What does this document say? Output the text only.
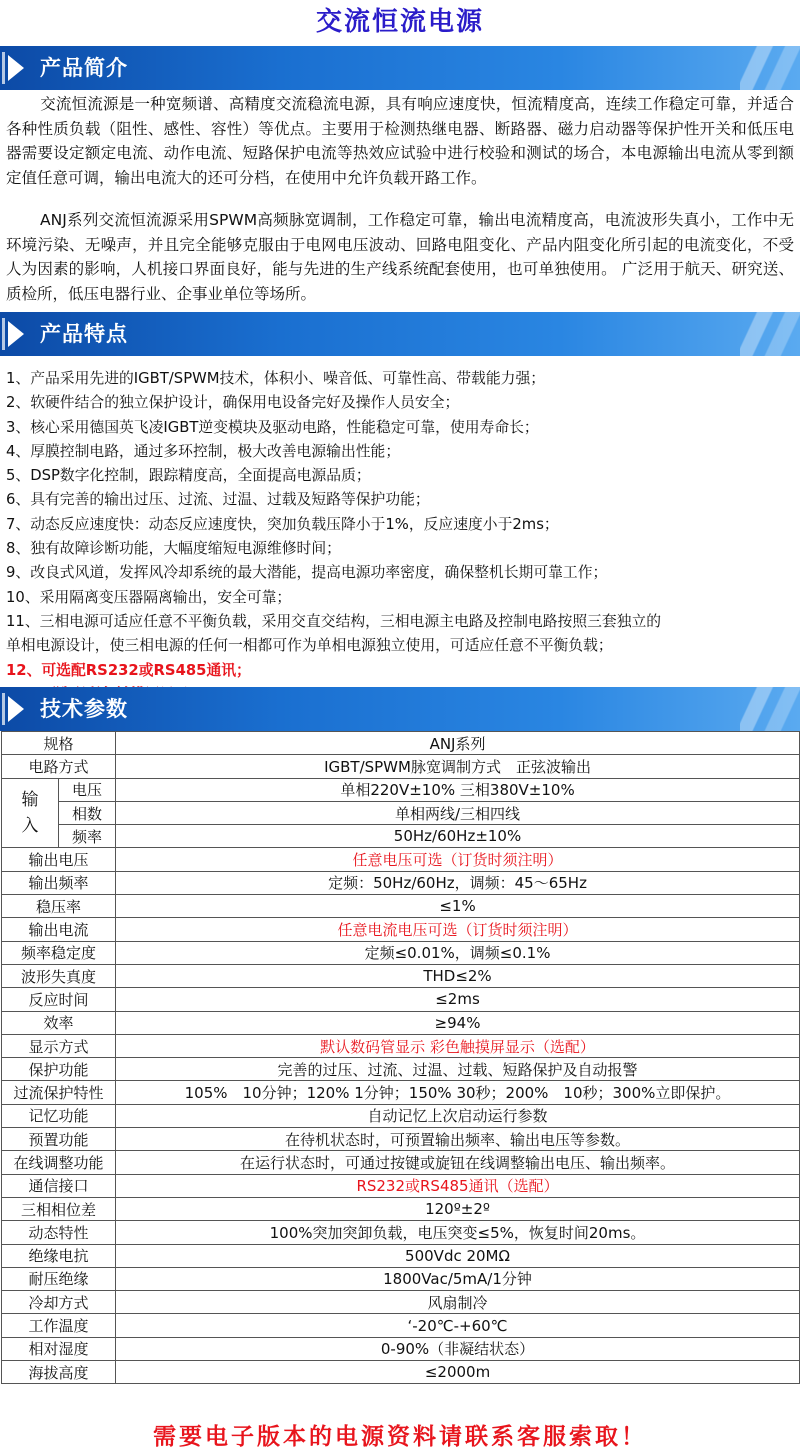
交流恒流电源
产品简介
交流恒流源是一种宽频谱、高精度交流稳流电源，具有响应速度快，恒流精度高，连续工作稳定可靠，并适合各种性质负载（阻性、感性、容性）等优点。主要用于检测热继电器、断路器、磁力启动器等保护性开关和低压电器需要设定额定电流、动作电流、短路保护电流等热效应试验中进行校验和测试的场合，本电源输出电流从零到额定值任意可调，输出电流大的还可分档，在使用中允许负载开路工作。
ANJ系列交流恒流源采用SPWM高频脉宽调制，工作稳定可靠，输出电流精度高，电流波形失真小，工作中无环境污染、无噪声，并且完全能够克服由于电网电压波动、回路电阻变化、产品内阻变化所引起的电流变化，不受人为因素的影响，人机接口界面良好，能与先进的生产线系统配套使用，也可单独使用。 广泛用于航天、研究送、质检所，低压电器行业、企事业单位等场所。
产品特点
1、产品采用先进的IGBT/SPWM技术，体积小、噪音低、可靠性高、带载能力强；
2、软硬件结合的独立保护设计，确保用电设备完好及操作人员安全；
3、核心采用德国英飞凌IGBT逆变模块及驱动电路，性能稳定可靠，使用寿命长；
4、厚膜控制电路，通过多环控制，极大改善电源输出性能；
5、DSP数字化控制，跟踪精度高，全面提高电源品质；
6、具有完善的输出过压、过流、过温、过载及短路等保护功能；
7、动态反应速度快：动态反应速度快，突加负载压降小于1%，反应速度小于2ms；
8、独有故障诊断功能，大幅度缩短电源维修时间；
9、改良式风道，发挥风冷却系统的最大潜能，提高电源功率密度，确保整机长期可靠工作；
10、采用隔离变压器隔离输出，安全可靠；
11、三相电源可适应任意不平衡负载，采用交直交结构，三相电源主电路及控制电路按照三套独立的
单相电源设计，使三相电源的任何一相都可作为单相电源独立使用，可适应任意不平衡负载；
12、可选配RS232或RS485通讯；
技术参数
规格		ANJ系列
电路方式		IGBT/SPWM脉宽调制方式　正弦波输出
输入	电压	单相220V±10% 三相380V±10%
	相数	单相两线/三相四线
	频率	50Hz/60Hz±10%
输出电压		任意电压可选（订货时须注明）
输出频率		定频：50Hz/60Hz，调频：45～65Hz
稳压率		≤1%
输出电流		任意电流电压可选（订货时须注明）
频率稳定度		定频≤0.01%，调频≤0.1%
波形失真度		THD≤2%
反应时间		≤2ms
效率		≥94%
显示方式		默认数码管显示 彩色触摸屏显示（选配）
保护功能		完善的过压、过流、过温、过载、短路保护及自动报警
过流保护特性		105%　10分钟；120% 1分钟；150% 30秒；200%　10秒；300%立即保护。
记忆功能		自动记忆上次启动运行参数
预置功能		在待机状态时，可预置输出频率、输出电压等参数。
在线调整功能		在运行状态时，可通过按键或旋钮在线调整输出电压、输出频率。
通信接口		RS232或RS485通讯（选配）
三相相位差		120º±2º
动态特性		100%突加突卸负载，电压突变≤5%，恢复时间20ms。
绝缘电抗		500Vdc 20MΩ
耐压绝缘		1800Vac/5mA/1分钟
冷却方式		风扇制冷
工作温度		‘-20℃-+60℃
相对湿度		0-90%（非凝结状态）
海拔高度		≤2000m
需要电子版本的电源资料请联系客服索取！
